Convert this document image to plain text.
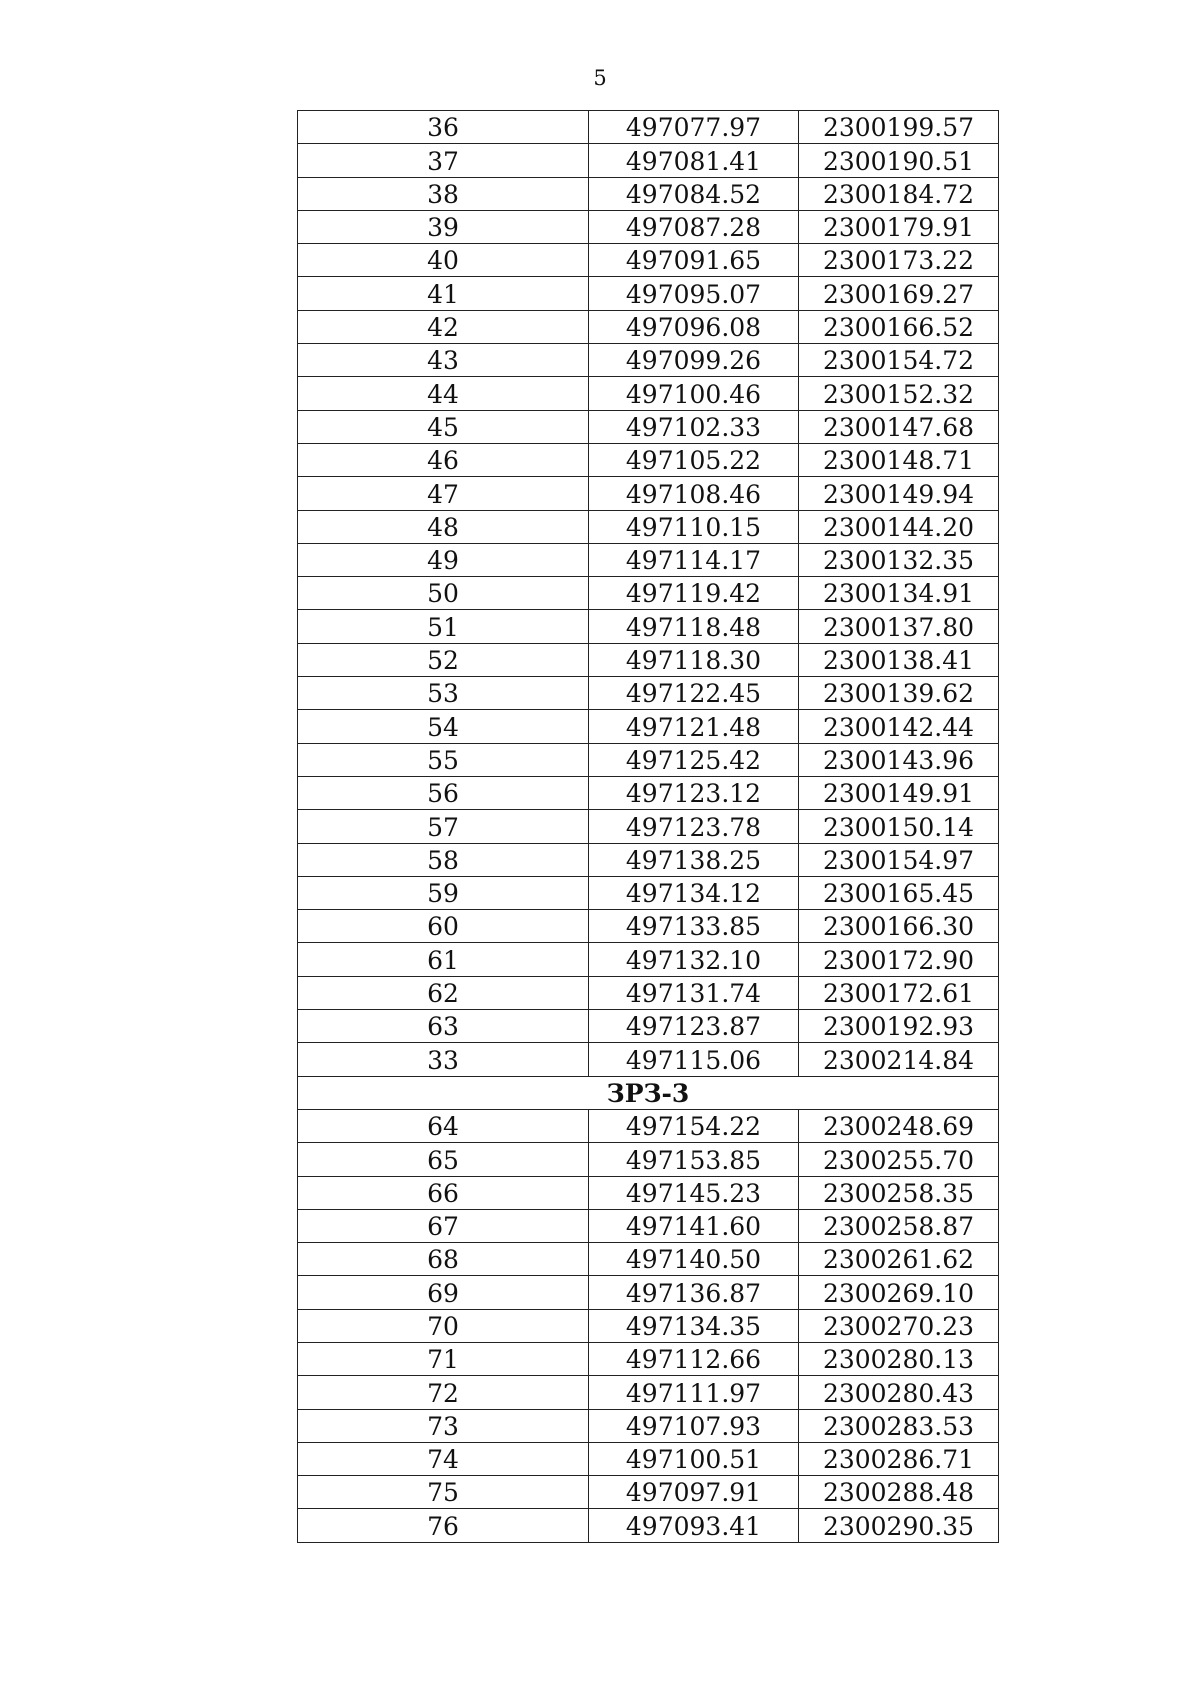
5
36	497077.97	2300199.57
37	497081.41	2300190.51
38	497084.52	2300184.72
39	497087.28	2300179.91
40	497091.65	2300173.22
41	497095.07	2300169.27
42	497096.08	2300166.52
43	497099.26	2300154.72
44	497100.46	2300152.32
45	497102.33	2300147.68
46	497105.22	2300148.71
47	497108.46	2300149.94
48	497110.15	2300144.20
49	497114.17	2300132.35
50	497119.42	2300134.91
51	497118.48	2300137.80
52	497118.30	2300138.41
53	497122.45	2300139.62
54	497121.48	2300142.44
55	497125.42	2300143.96
56	497123.12	2300149.91
57	497123.78	2300150.14
58	497138.25	2300154.97
59	497134.12	2300165.45
60	497133.85	2300166.30
61	497132.10	2300172.90
62	497131.74	2300172.61
63	497123.87	2300192.93
33	497115.06	2300214.84
ЗРЗ-3		
64	497154.22	2300248.69
65	497153.85	2300255.70
66	497145.23	2300258.35
67	497141.60	2300258.87
68	497140.50	2300261.62
69	497136.87	2300269.10
70	497134.35	2300270.23
71	497112.66	2300280.13
72	497111.97	2300280.43
73	497107.93	2300283.53
74	497100.51	2300286.71
75	497097.91	2300288.48
76	497093.41	2300290.35
